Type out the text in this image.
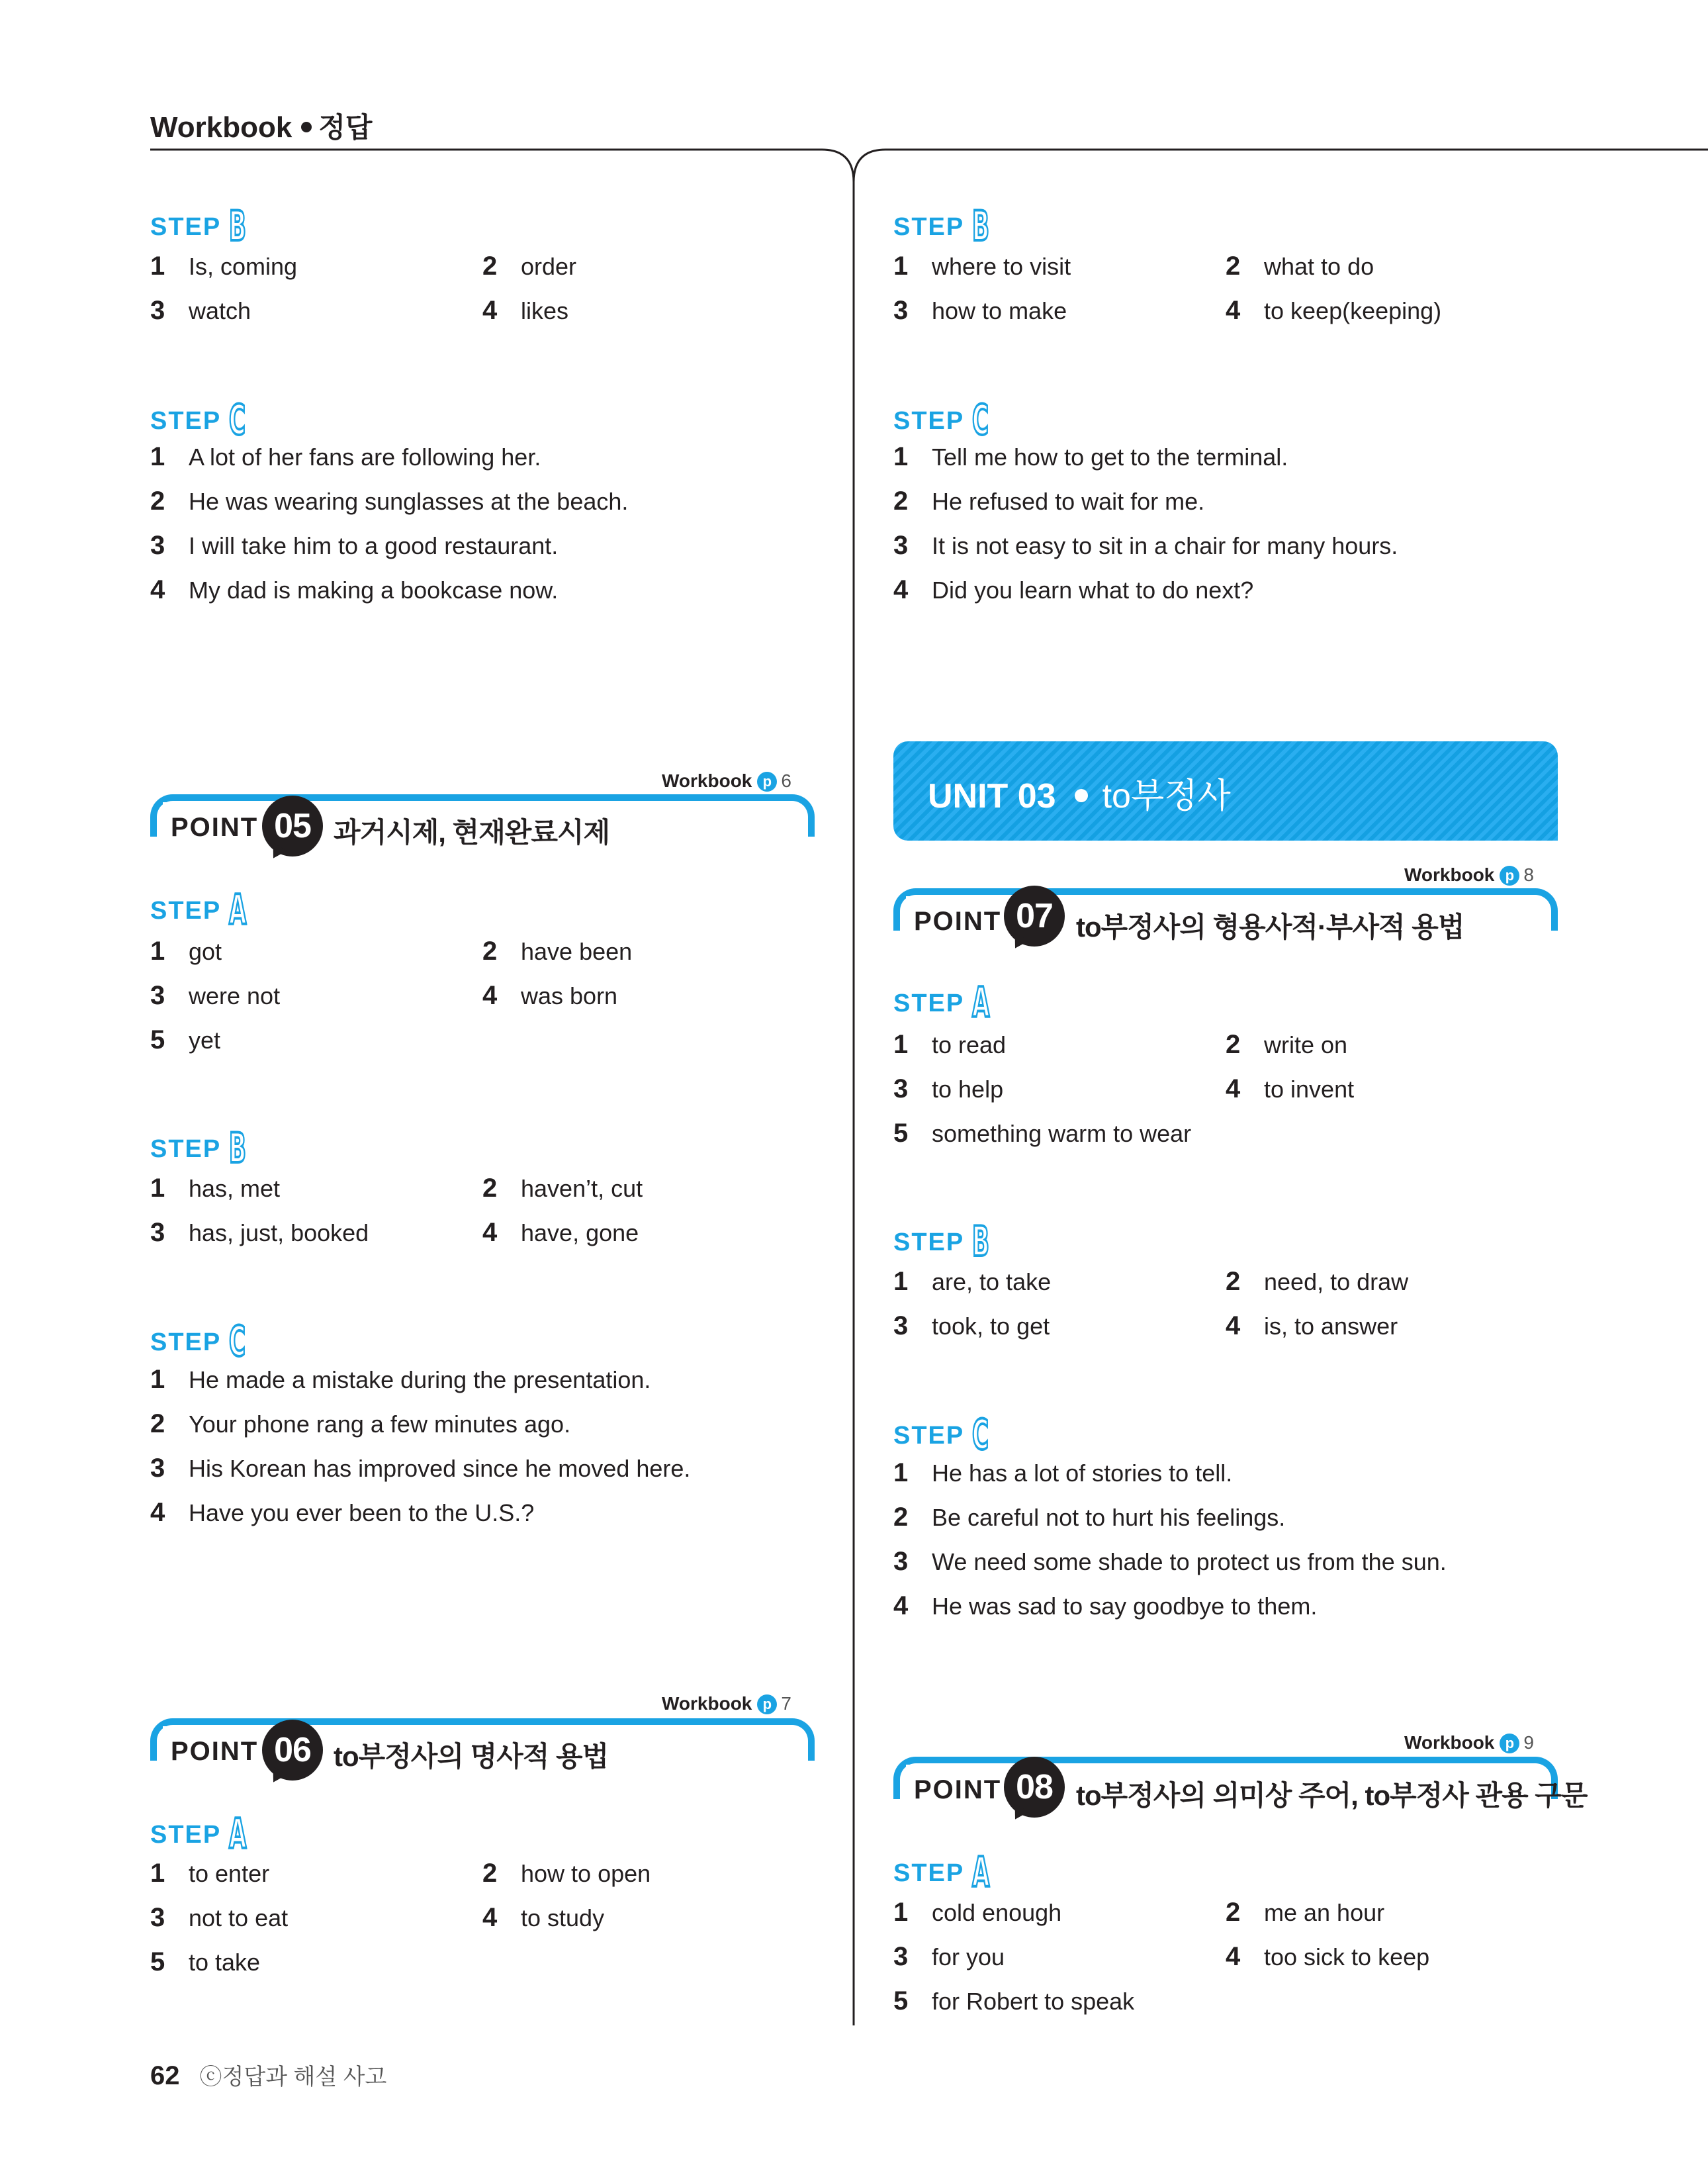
Workbook 정답
STEP B
1 Is, coming	2 order
3 watch	4 likes
STEP C
1 A lot of her fans are following her.
2 He was wearing sunglasses at the beach.
3 I will take him to a good restaurant.
4 My dad is making a bookcase now.
Workbook p 6
POINT 05 과거시제, 현재완료시제
STEP A
1 got	2 have been
3 were not	4 was born
5 yet
STEP B
1 has, met	2 haven’t, cut
3 has, just, booked	4 have, gone
STEP C
1 He made a mistake during the presentation.
2 Your phone rang a few minutes ago.
3 His Korean has improved since he moved here.
4 Have you ever been to the U.S.?
Workbook p 7
POINT 06 to부정사의 명사적 용법
STEP A
1 to enter	2 how to open
3 not to eat	4 to study
5 to take
STEP B
1 where to visit	2 what to do
3 how to make	4 to keep(keeping)
STEP C
1 Tell me how to get to the terminal.
2 He refused to wait for me.
3 It is not easy to sit in a chair for many hours.
4 Did you learn what to do next?
UNIT 03 to부정사
Workbook p 8
POINT 07 to부정사의 형용사적·부사적 용법
STEP A
1 to read	2 write on
3 to help	4 to invent
5 something warm to wear
STEP B
1 are, to take	2 need, to draw
3 took, to get	4 is, to answer
STEP C
1 He has a lot of stories to tell.
2 Be careful not to hurt his feelings.
3 We need some shade to protect us from the sun.
4 He was sad to say goodbye to them.
Workbook p 9
POINT 08 to부정사의 의미상 주어, to부정사 관용 구문
STEP A
1 cold enough	2 me an hour
3 for you	4 too sick to keep
5 for Robert to speak
62 ⓒ정답과 해설 사고
